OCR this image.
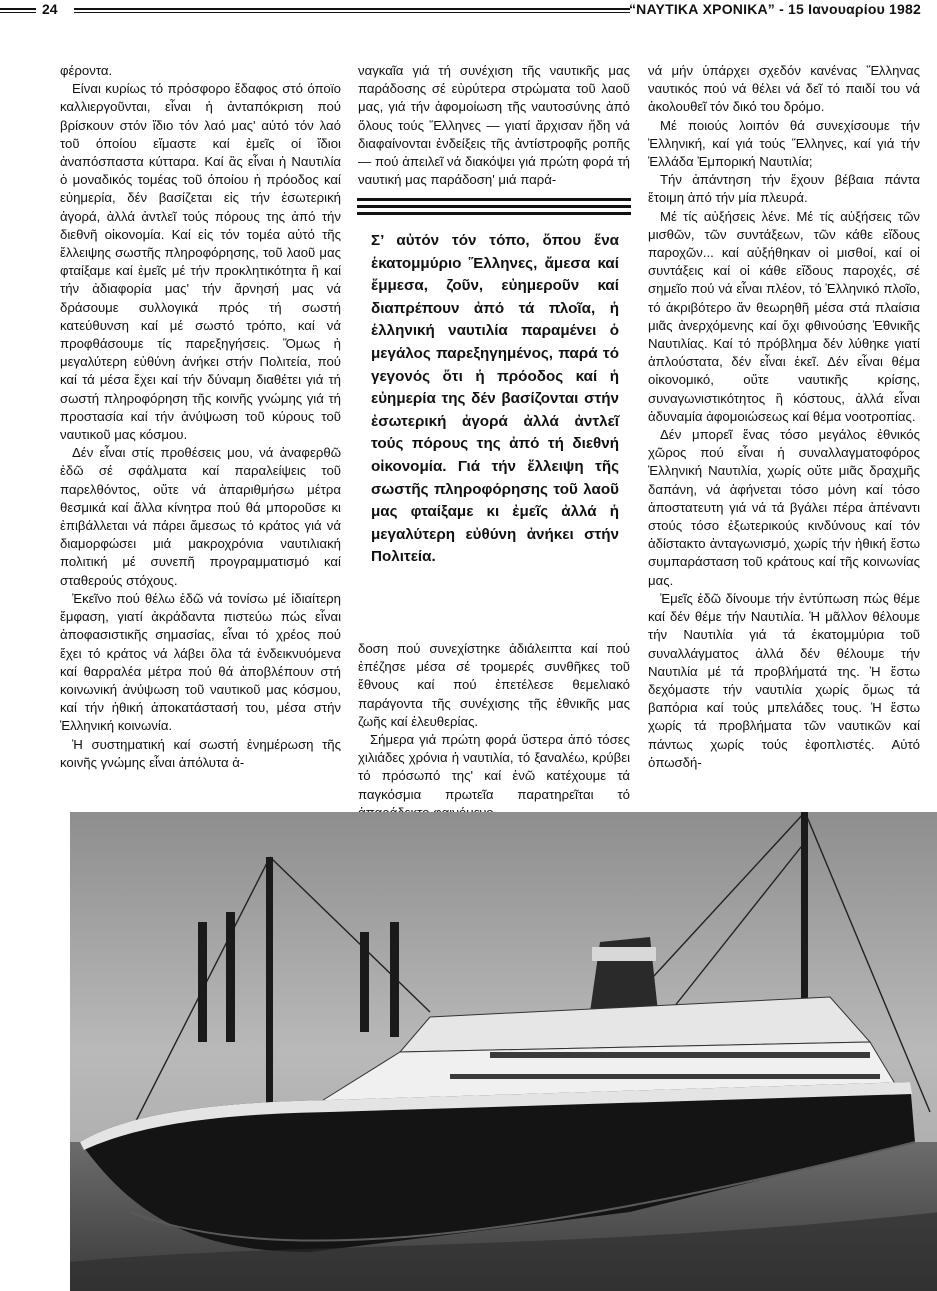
24	“ΝΑΥΤΙΚΑ ΧΡΟΝΙΚΑ” - 15 Ιανουαρίου 1982

φέροντα.

Είναι κυρίως τό πρόσφορο ἔδαφος στό όποϊο καλλιεργοῦνται, εἶναι ἡ ἀνταπόκριση πού βρίσκουν στόν ἴδιο τόν λαό μας' αὐτό τόν λαό τοῦ όποίου εἴμαστε καί ἐμεῖς οί ἴδιοι ἀναπόσπαστα κύτταρα. Καί ἂς εἶναι ἡ Ναυτιλία ὁ μοναδικός τομέας τοῦ όποίου ἡ πρόοδος καί εὐημερία, δέν βασίζεται εἰς τήν ἐσωτερική ἀγορά, ἀλλά ἀντλεῖ τούς πόρους της ἀπό τήν διεθνῆ οἰκονομία. Καί εἰς τόν τομέα αὐτό τῆς ἔλλειψης σωστῆς πληροφόρησης, τοῦ λαοῦ μας φταίξαμε καί ἐμεῖς μέ τήν προκλητικότητα ἢ καί τήν ἀδιαφορία μας' τήν ἄρνησή μας νά δράσουμε συλλογικά πρός τή σωστή κατεύθυνση καί μέ σωστό τρόπο, καί νά προφθάσουμε τίς παρεξηγήσεις. Ὅμως ἡ μεγαλύτερη εὐθύνη ἀνήκει στήν Πολιτεία, πού καί τά μέσα ἔχει καί τήν δύναμη διαθέτει γιά τή σωστή πληροφόρηση τῆς κοινῆς γνώμης γιά τή προστασία καί τήν ἀνύψωση τοῦ κύρους τοῦ ναυτικοῦ μας κόσμου.

Δέν εἶναι στίς προθέσεις μου, νά ἀναφερθῶ ἐδῶ σέ σφάλματα καί παραλείψεις τοῦ παρελθόντος, οὔτε νά ἀπαριθμήσω μέτρα θεσμικά καί ἄλλα κίνητρα πού θά μποροῦσε κι ἐπιβάλλεται νά πάρει ἄμεσως τό κράτος γιά νά διαμορφώσει μιά μακροχρόνια ναυτιλιακή πολιτική μέ συνεπῆ προγραμματισμό καί σταθερούς στόχους.

Ἐκεῖνο πού θέλω ἐδῶ νά τονίσω μέ ἰδιαίτερη ἔμφαση, γιατί ἀκράδαντα πιστεύω πώς εἶναι ἀποφασιστικῆς σημασίας, εἶναι τό χρέος πού ἔχει τό κράτος νά λάβει ὅλα τά ἐνδεικνυόμενα καί θαρραλέα μέτρα πού θά ἀποβλέπουν στή κοινωνική ἀνύψωση τοῦ ναυτικοῦ μας κόσμου, καί τήν ἠθική ἀποκατάστασή του, μέσα στήν Ἑλληνική κοινωνία.

Ἡ συστηματική καί σωστή ἐνημέρωση τῆς κοινῆς γνώμης εἶναι ἀπόλυτα ἀ-

ναγκαῖα γιά τή συνέχιση τῆς ναυτικῆς μας παράδοσης σέ εὐρύτερα στρώματα τοῦ λαοῦ μας, γιά τήν ἀφομοίωση τῆς ναυτοσύνης ἀπό ὅλους τούς Ἕλληνες — γιατί ἄρχισαν ἤδη νά διαφαίνονται ἐνδείξεις τῆς ἀντίστροφῆς ροπῆς — πού ἀπειλεῖ νά διακόψει γιά πρώτη φορά τή ναυτική μας παράδοση' μιά παρά-

Σ’ αὐτόν τόν τόπο, ὅπου ἕνα ἑκατομμύριο Ἕλληνες, ἄμεσα καί ἔμμεσα, ζοῦν, εὐημεροῦν καί διαπρέπουν ἀπό τά πλοῖα, ἡ ἑλληνική ναυτιλία παραμένει ὁ μεγάλος παρεξηγημένος, παρά τό γεγονός ὅτι ἡ πρόοδος καί ἡ εὐημερία της δέν βασίζονται στήν ἐσωτερική ἀγορά ἀλλά ἀντλεῖ τούς πόρους της ἀπό τή διεθνή οἰκονομία. Γιά τήν ἔλλειψη τῆς σωστῆς πληροφόρησης τοῦ λαοῦ μας φταίξαμε κι ἐμεῖς ἀλλά ἡ μεγαλύτερη εὐθύνη ἀνήκει στήν Πολιτεία.

δοση πού συνεχίστηκε ἀδιάλειπτα καί πού ἐπέζησε μέσα σέ τρομερές συνθῆκες τοῦ ἔθνους καί πού ἐπετέλεσε θεμελιακό παράγοντα τῆς συνέχισης τῆς ἐθνικῆς μας ζωῆς καί ἐλευθερίας.

Σήμερα γιά πρώτη φορά ὕστερα ἀπό τόσες χιλιάδες χρόνια ἡ ναυτιλία, τό ξαναλέω, κρύβει τό πρόσωπό της' καί ἐνῶ κατέχουμε τά παγκόσμια πρωτεῖα παρατηρεῖται τό

νά μήν ὑπάρχει σχεδόν κανένας Ἕλληνας ναυτικός πού νά θέλει νά δεῖ τό παιδί του νά ἀκολουθεῖ τόν δικό του δρόμο.

Μέ ποιούς λοιπόν θά συνεχίσουμε τήν Ἑλληνική, καί γιά τούς Ἕλληνες, καί γιά τήν Ἑλλάδα Ἐμπορική Ναυτιλία;

Τήν ἀπάντηση τήν ἔχουν βέβαια πάντα ἕτοιμη ἀπό τήν μία πλευρά.

Μέ τίς αὐξήσεις λένε. Μέ τίς αὐξήσεις τῶν μισθῶν, τῶν συντάξεων, τῶν κάθε εἴδους παροχῶν... καί αὐξήθηκαν οἱ μισθοί, καί οἱ συντάξεις καί οἱ κάθε εἴδους παροχές, σέ σημεῖο πού νά εἶναι πλέον, τό Ἑλληνικό πλοῖο, τό ἀκριβότερο ἄν θεωρηθῆ μέσα στά πλαίσια μιᾶς ἀνερχόμενης καί ὄχι φθινούσης Ἐθνικῆς Ναυτιλίας. Καί τό πρόβλημα δέν λύθηκε γιατί ἁπλούστατα, δέν εἶναι ἐκεῖ. Δέν εἶναι θέμα οἰκονομικό, οὔτε ναυτικῆς κρίσης, συναγωνιστικότητος ἢ κόστους, ἀλλά εἶναι ἀδυναμία ἀφομοιώσεως καί θέμα νοοτροπίας.

Δέν μπορεῖ ἕνας τόσο μεγάλος ἐθνικός χῶρος πού εἶναι ἡ συναλλαγματοφόρος Ἑλληνική Ναυτιλία, χωρίς οὔτε μιᾶς δραχμῆς δαπάνη, νά ἀφήνεται τόσο μόνη καί τόσο ἀποστατευτη γιά νά τά βγάλει πέρα ἀπέναντι στούς τόσο ἐξωτερικούς κινδύνους καί τόν ἀδίστακτο ἀνταγωνισμό, χωρίς τήν ἠθική ἔστω συμπαράσταση τοῦ κράτους καί τῆς κοινωνίας μας.

Ἐμεῖς ἐδῶ δίνουμε τήν ἐντύπωση πώς θέμε καί δέν θέμε τήν Ναυτιλία. Ἡ μᾶλλον θέλουμε τήν Ναυτιλία γιά τά ἑκατομμύρια τοῦ συναλλάγματος ἀλλά δέν θέλουμε τήν Ναυτιλία μέ τά προβλήματά της. Ἡ ἔστω δεχόμαστε τήν ναυτιλία χωρίς ὅμως τά βαπόρια καί τούς μπελάδες τους. Ἡ ἔστω χωρίς τά προβλήματα τῶν ναυτικῶν καί πάντως χωρίς τούς ἐφοπλιστές. Αὐτό ὁπωσδή-
